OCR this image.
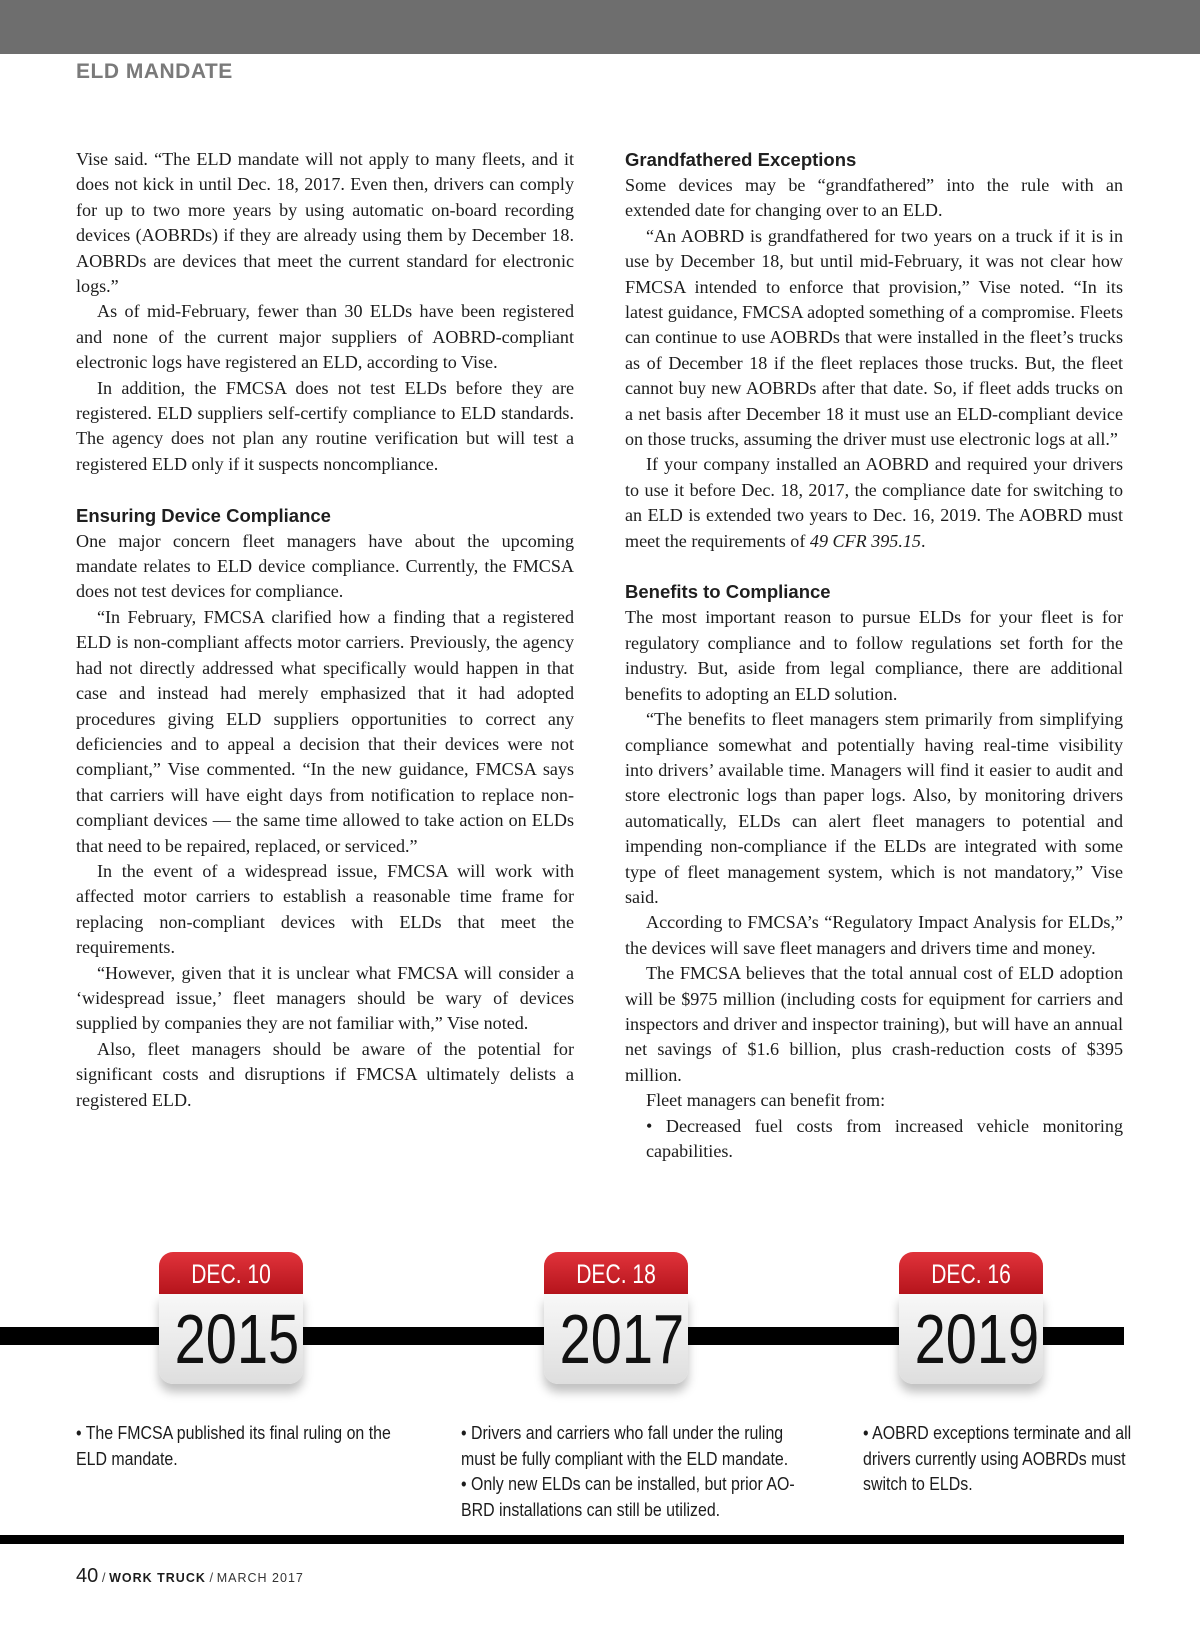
ELD MANDATE

Vise said. “The ELD mandate will not apply to many fleets, and it does not kick in until Dec. 18, 2017. Even then, drivers can comply for up to two more years by using automatic on-board recording devices (AOBRDs) if they are already using them by December 18. AOBRDs are devices that meet the current standard for electronic logs.”

As of mid-February, fewer than 30 ELDs have been registered and none of the current major suppliers of AOBRD-compliant electronic logs have registered an ELD, according to Vise.

In addition, the FMCSA does not test ELDs before they are registered. ELD suppliers self-certify compliance to ELD standards. The agency does not plan any routine verification but will test a registered ELD only if it suspects noncompliance.

Ensuring Device Compliance

One major concern fleet managers have about the upcoming mandate relates to ELD device compliance. Currently, the FMCSA does not test devices for compliance.

“In February, FMCSA clarified how a finding that a registered ELD is non-compliant affects motor carriers. Previously, the agency had not directly addressed what specifically would happen in that case and instead had merely emphasized that it had adopted procedures giving ELD suppliers opportunities to correct any deficiencies and to appeal a decision that their devices were not compliant,” Vise commented. “In the new guidance, FMCSA says that carriers will have eight days from notification to replace non-compliant devices — the same time allowed to take action on ELDs that need to be repaired, replaced, or serviced.”

In the event of a widespread issue, FMCSA will work with affected motor carriers to establish a reasonable time frame for replacing non-compliant devices with ELDs that meet the requirements.

“However, given that it is unclear what FMCSA will consider a ‘widespread issue,’ fleet managers should be wary of devices supplied by companies they are not familiar with,” Vise noted.

Also, fleet managers should be aware of the potential for significant costs and disruptions if FMCSA ultimately delists a registered ELD.

Grandfathered Exceptions

Some devices may be “grandfathered” into the rule with an extended date for changing over to an ELD.

“An AOBRD is grandfathered for two years on a truck if it is in use by December 18, but until mid-February, it was not clear how FMCSA intended to enforce that provision,” Vise noted. “In its latest guidance, FMCSA adopted something of a compromise. Fleets can continue to use AOBRDs that were installed in the fleet’s trucks as of December 18 if the fleet replaces those trucks. But, the fleet cannot buy new AOBRDs after that date. So, if fleet adds trucks on a net basis after December 18 it must use an ELD-compliant device on those trucks, assuming the driver must use electronic logs at all.”

If your company installed an AOBRD and required your drivers to use it before Dec. 18, 2017, the compliance date for switching to an ELD is extended two years to Dec. 16, 2019. The AOBRD must meet the requirements of 49 CFR 395.15.

Benefits to Compliance

The most important reason to pursue ELDs for your fleet is for regulatory compliance and to follow regulations set forth for the industry. But, aside from legal compliance, there are additional benefits to adopting an ELD solution.

“The benefits to fleet managers stem primarily from simplifying compliance somewhat and potentially having real-time visibility into drivers’ available time. Managers will find it easier to audit and store electronic logs than paper logs. Also, by monitoring drivers automatically, ELDs can alert fleet managers to potential and impending non-compliance if the ELDs are integrated with some type of fleet management system, which is not mandatory,” Vise said.

According to FMCSA’s “Regulatory Impact Analysis for ELDs,” the devices will save fleet managers and drivers time and money.

The FMCSA believes that the total annual cost of ELD adoption will be $975 million (including costs for equipment for carriers and inspectors and driver and inspector training), but will have an annual net savings of $1.6 billion, plus crash-reduction costs of $395 million.

Fleet managers can benefit from:

• Decreased fuel costs from increased vehicle monitoring capabilities.

DEC. 10
2015
DEC. 18
2017
DEC. 16
2019
• The FMCSA published its final ruling on the
ELD mandate.
• Drivers and carriers who fall under the ruling
must be fully compliant with the ELD mandate.
• Only new ELDs can be installed, but prior AO-
BRD installations can still be utilized.
• AOBRD exceptions terminate and all
drivers currently using AOBRDs must
switch to ELDs.
40 / WORK TRUCK / MARCH 2017
